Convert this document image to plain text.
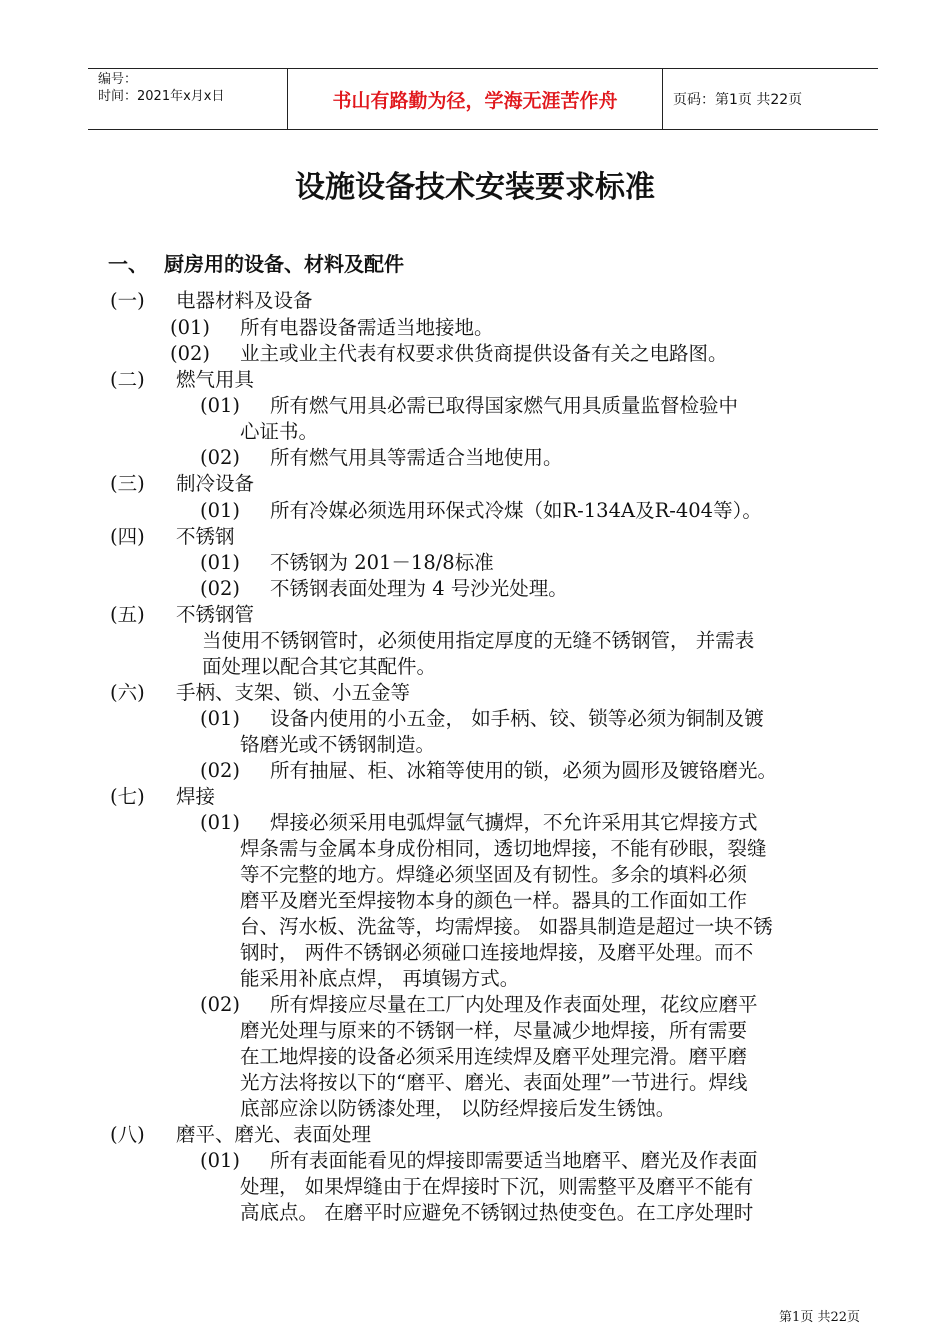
编号：
时间：2021年x月x日	书山有路勤为径，学海无涯苦作舟	页码：第1页 共22页
设施设备技术安装要求标准
一、 厨房用的设备、材料及配件
(一) 电器材料及设备
(01) 所有电器设备需适当地接地。
(02) 业主或业主代表有权要求供货商提供设备有关之电路图。
(二) 燃气用具
(01) 所有燃气用具必需已取得国家燃气用具质量监督检验中
心证书。
(02) 所有燃气用具等需适合当地使用。
(三) 制冷设备
(01) 所有冷媒必须选用环保式冷煤（如R-134A及R-404等）。
(四) 不锈钢
(01) 不锈钢为 201－18/8标准
(02) 不锈钢表面处理为 4 号沙光处理。
(五) 不锈钢管
当使用不锈钢管时，必须使用指定厚度的无缝不锈钢管， 并需表
面处理以配合其它其配件。
(六) 手柄、支架、锁、小五金等
(01) 设备内使用的小五金， 如手柄、铰、锁等必须为铜制及镀
铬磨光或不锈钢制造。
(02) 所有抽屉、柜、冰箱等使用的锁，必须为圆形及镀铬磨光。
(七) 焊接
(01) 焊接必须采用电弧焊氩气擄焊，不允许采用其它焊接方式
焊条需与金属本身成份相同，透切地焊接，不能有砂眼，裂缝
等不完整的地方。焊缝必须坚固及有韧性。多余的填料必须
磨平及磨光至焊接物本身的颜色一样。器具的工作面如工作
台、泻水板、洗盆等，均需焊接。 如器具制造是超过一块不锈
钢时， 两件不锈钢必须碰口连接地焊接，及磨平处理。而不
能采用补底点焊， 再填锡方式。
(02) 所有焊接应尽量在工厂内处理及作表面处理，花纹应磨平
磨光处理与原来的不锈钢一样，尽量减少地焊接，所有需要
在工地焊接的设备必须采用连续焊及磨平处理完滑。磨平磨
光方法将按以下的“磨平、磨光、表面处理”一节进行。焊线
底部应涂以防锈漆处理， 以防经焊接后发生锈蚀。
(八) 磨平、磨光、表面处理
(01) 所有表面能看见的焊接即需要适当地磨平、磨光及作表面
处理， 如果焊缝由于在焊接时下沉，则需整平及磨平不能有
高底点。 在磨平时应避免不锈钢过热使变色。在工序处理时
第1页 共22页
